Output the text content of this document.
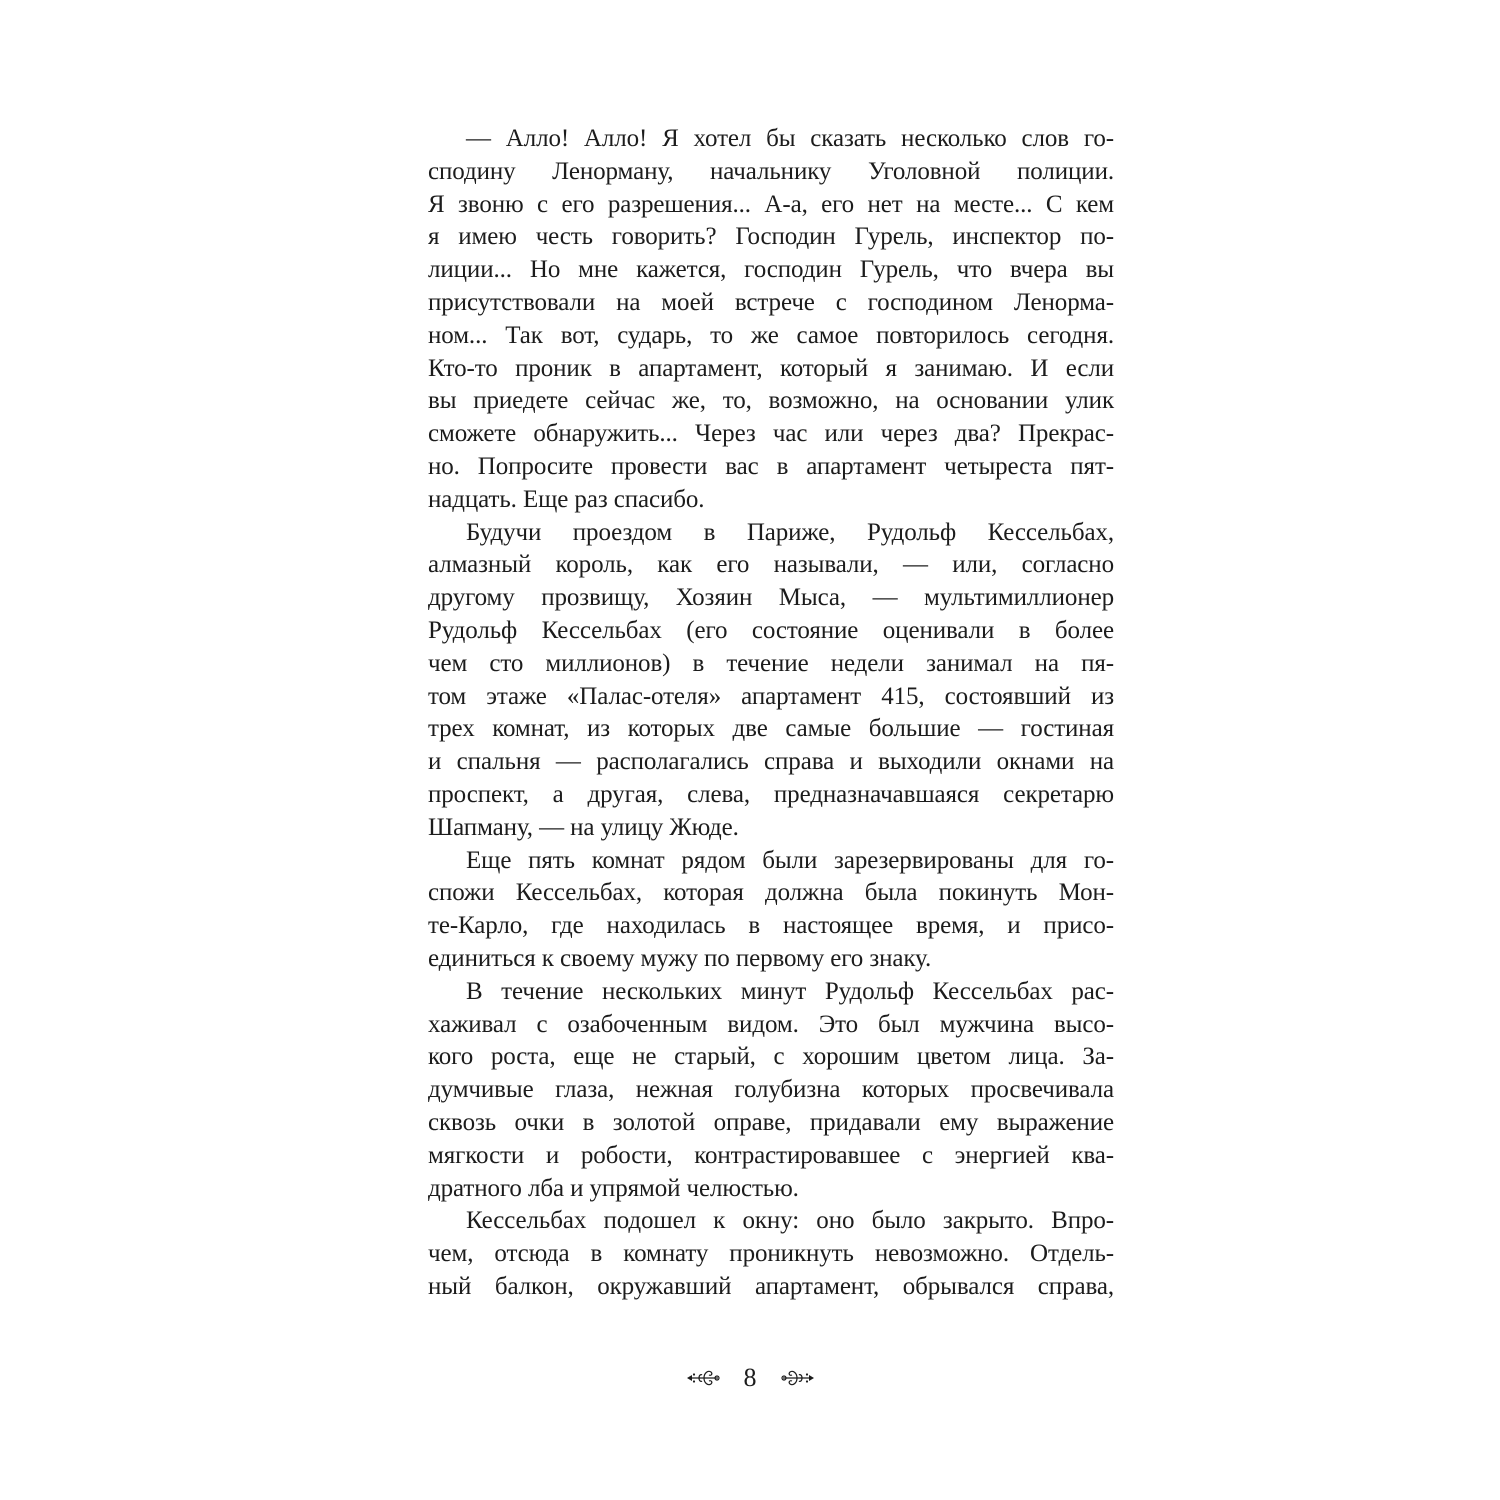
— Алло! Алло! Я хотел бы сказать несколько слов го-
сподину Ленорману, начальнику Уголовной полиции.
Я звоню с его разрешения... А-а, его нет на месте... С кем
я имею честь говорить? Господин Гурель, инспектор по-
лиции... Но мне кажется, господин Гурель, что вчера вы
присутствовали на моей встрече с господином Ленорма-
ном... Так вот, сударь, то же самое повторилось сегодня.
Кто-то проник в апартамент, который я занимаю. И если
вы приедете сейчас же, то, возможно, на основании улик
сможете обнаружить... Через час или через два? Прекрас-
но. Попросите провести вас в апартамент четыреста пят-
надцать. Еще раз спасибо.
Будучи проездом в Париже, Рудольф Кессельбах,
алмазный король, как его называли, — или, согласно
другому прозвищу, Хозяин Мыса, — мультимиллионер
Рудольф Кессельбах (его состояние оценивали в более
чем сто миллионов) в течение недели занимал на пя-
том этаже «Палас-отеля» апартамент 415, состоявший из
трех комнат, из которых две самые большие — гостиная
и спальня — располагались справа и выходили окнами на
проспект, а другая, слева, предназначавшаяся секретарю
Шапману, — на улицу Жюде.
Еще пять комнат рядом были зарезервированы для го-
спожи Кессельбах, которая должна была покинуть Мон-
те-Карло, где находилась в настоящее время, и присо-
единиться к своему мужу по первому его знаку.
В течение нескольких минут Рудольф Кессельбах рас-
хаживал с озабоченным видом. Это был мужчина высо-
кого роста, еще не старый, с хорошим цветом лица. За-
думчивые глаза, нежная голубизна которых просвечивала
сквозь очки в золотой оправе, придавали ему выражение
мягкости и робости, контрастировавшее с энергией ква-
дратного лба и упрямой челюстью.
Кессельбах подошел к окну: оно было закрыто. Впро-
чем, отсюда в комнату проникнуть невозможно. Отдель-
ный балкон, окружавший апартамент, обрывался справа,
8
